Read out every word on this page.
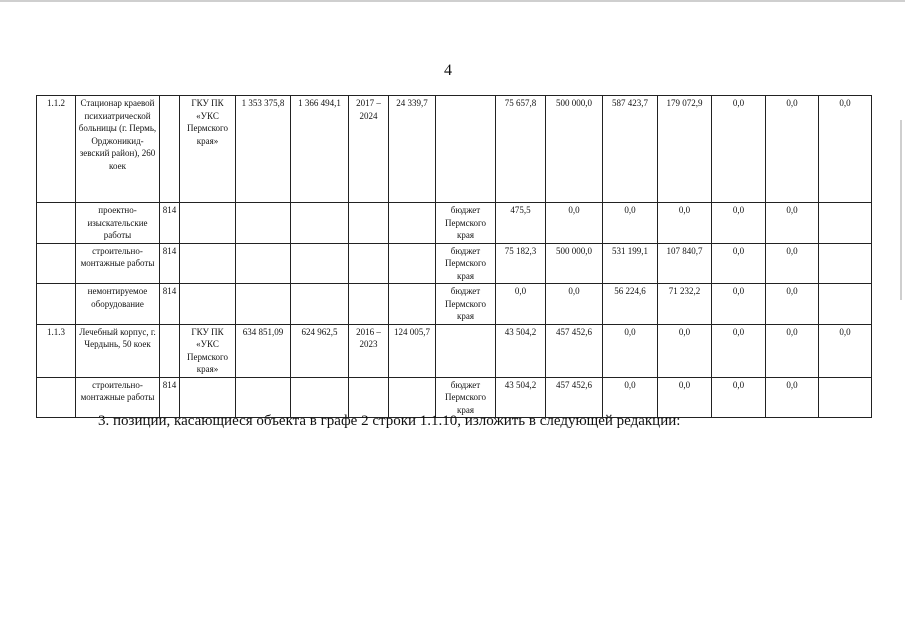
4
1.1.2	Стационар краевой психиатрической больницы (г. Пермь, Орджоникид-зевский район), 260 коек		ГКУ ПК «УКС Пермского края»	1 353 375,8	1 366 494,1	2017 – 2024	24 339,7		75 657,8	500 000,0	587 423,7	179 072,9	0,0	0,0	0,0
	проектно-изыскательские работы	814						бюджет Пермского края	475,5	0,0	0,0	0,0	0,0	0,0	
	строительно-монтажные работы	814						бюджет Пермского края	75 182,3	500 000,0	531 199,1	107 840,7	0,0	0,0	
	немонтируемое оборудование	814						бюджет Пермского края	0,0	0,0	56 224,6	71 232,2	0,0	0,0	
1.1.3	Лечебный корпус, г. Чердынь, 50 коек		ГКУ ПК «УКС Пермского края»	634 851,09	624 962,5	2016 – 2023	124 005,7		43 504,2	457 452,6	0,0	0,0	0,0	0,0	0,0
	строительно-монтажные работы	814						бюджет Пермского края	43 504,2	457 452,6	0,0	0,0	0,0	0,0	
3. позиции, касающиеся объекта в графе 2 строки 1.1.10, изложить в следующей редакции:
